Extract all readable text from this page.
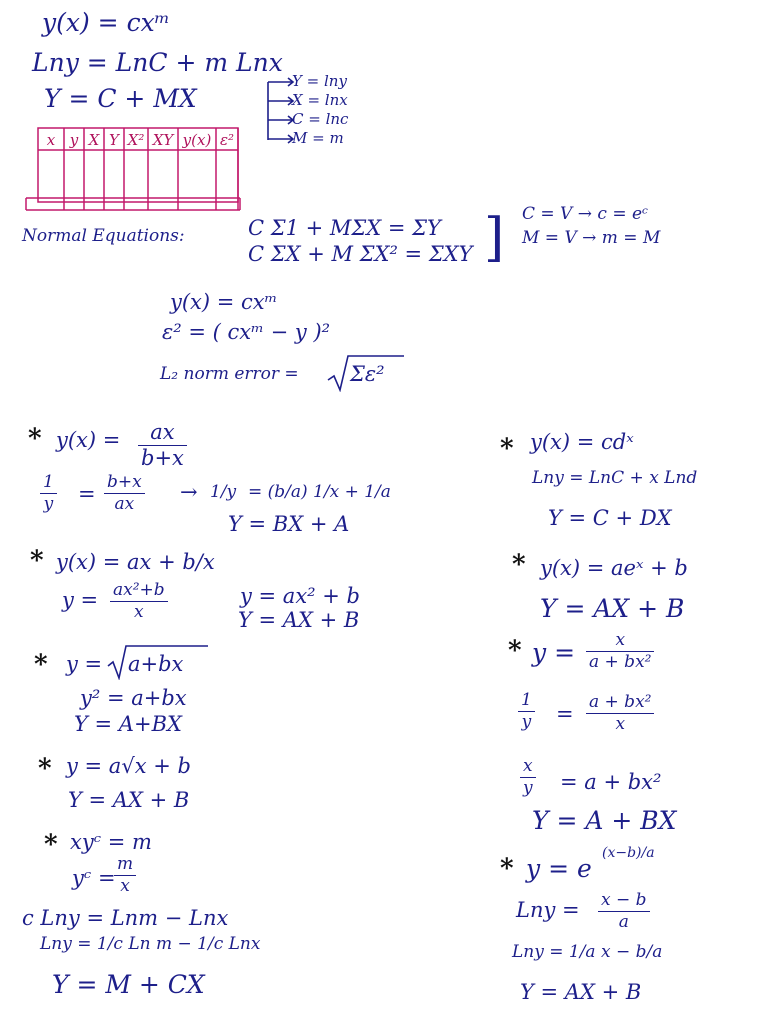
y(x) = cxᵐ
Lny = LnC + m Lnx
Y = C + MX
Y = lny
X = lnx
C = lnc
M = m
x y X Y X² XY y(x) ε²
Normal Equations:	C Σ1 + MΣX = ΣY
C ΣX + M ΣX² = ΣXY ] C = V → c = eᶜ
M = V → m = M
y(x) = cxᵐ
ε² = ( cxᵐ − y )²
L₂ norm error = Σε²
* y(x) =	ax
b+x
1
y = b+x
ax	→ 1/y = (b/a) 1/x + 1/a
Y = BX + A
* y(x) = ax + b/x
y = ax²+b
x
y = ax² + b
Y = AX + B
* y = a+bx
y² = a+bx
Y = A+BX
* y = a√x + b
Y = AX + B
* xyᶜ = m
yᶜ =
m
x
c Lny = Lnm − Lnx
Lny = 1/c Ln m − 1/c Lnx
Y = M + CX
* y(x) = cdˣ
Lny = LnC + x Lnd
Y = C + DX
* y(x) = aeˣ + b
Y = AX + B
* y =	x
a + bx²
1
y = a + bx²
x
x
y = a + bx²
Y = A + BX
* y = e
(x−b)/a
Lny = x − b
a
Lny = 1/a x − b/a
Y = AX + B
